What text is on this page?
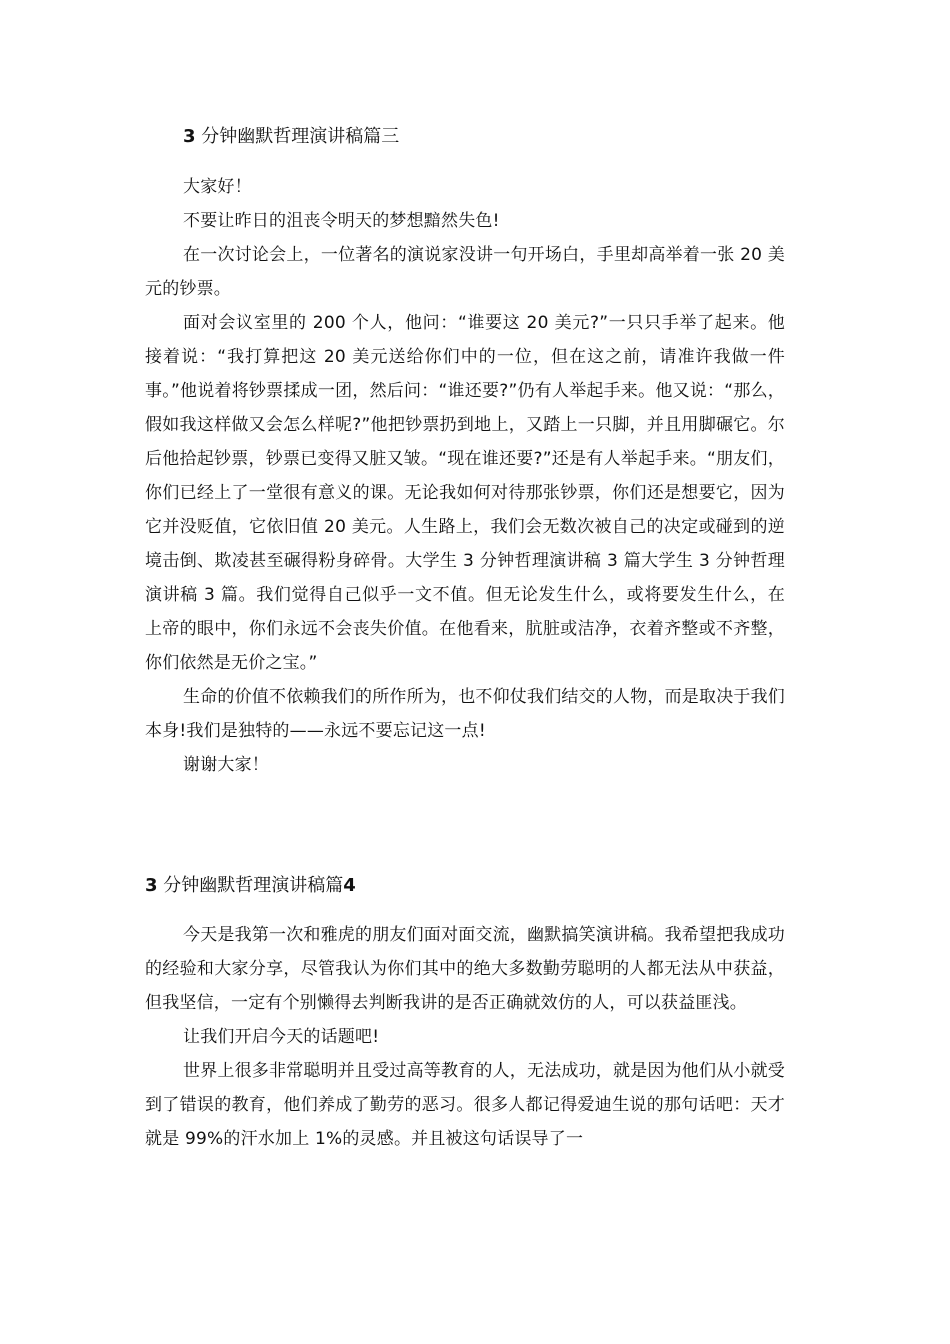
3 分钟幽默哲理演讲稿篇三

大家好！

不要让昨日的沮丧令明天的梦想黯然失色!

在一次讨论会上，一位著名的演说家没讲一句开场白，手里却高举着一张 20 美元的钞票。

面对会议室里的 200 个人，他问：“谁要这 20 美元?”一只只手举了起来。他接着说：“我打算把这 20 美元送给你们中的一位，但在这之前，请准许我做一件事。”他说着将钞票揉成一团，然后问：“谁还要?”仍有人举起手来。他又说：“那么，假如我这样做又会怎么样呢?”他把钞票扔到地上，又踏上一只脚，并且用脚碾它。尔后他拾起钞票，钞票已变得又脏又皱。“现在谁还要?”还是有人举起手来。“朋友们，你们已经上了一堂很有意义的课。无论我如何对待那张钞票，你们还是想要它，因为它并没贬值，它依旧值 20 美元。人生路上，我们会无数次被自己的决定或碰到的逆境击倒、欺凌甚至碾得粉身碎骨。大学生 3 分钟哲理演讲稿 3 篇大学生 3 分钟哲理演讲稿 3 篇。我们觉得自己似乎一文不值。但无论发生什么，或将要发生什么，在上帝的眼中，你们永远不会丧失价值。在他看来，肮脏或洁净，衣着齐整或不齐整，你们依然是无价之宝。”

生命的价值不依赖我们的所作所为，也不仰仗我们结交的人物，而是取决于我们本身!我们是独特的——永远不要忘记这一点!

谢谢大家！

3 分钟幽默哲理演讲稿篇4

今天是我第一次和雅虎的朋友们面对面交流，幽默搞笑演讲稿。我希望把我成功的经验和大家分享，尽管我认为你们其中的绝大多数勤劳聪明的人都无法从中获益，但我坚信，一定有个别懒得去判断我讲的是否正确就效仿的人，可以获益匪浅。

让我们开启今天的话题吧!

世界上很多非常聪明并且受过高等教育的人，无法成功，就是因为他们从小就受到了错误的教育，他们养成了勤劳的恶习。很多人都记得爱迪生说的那句话吧：天才就是 99%的汗水加上 1%的灵感。并且被这句话误导了一
